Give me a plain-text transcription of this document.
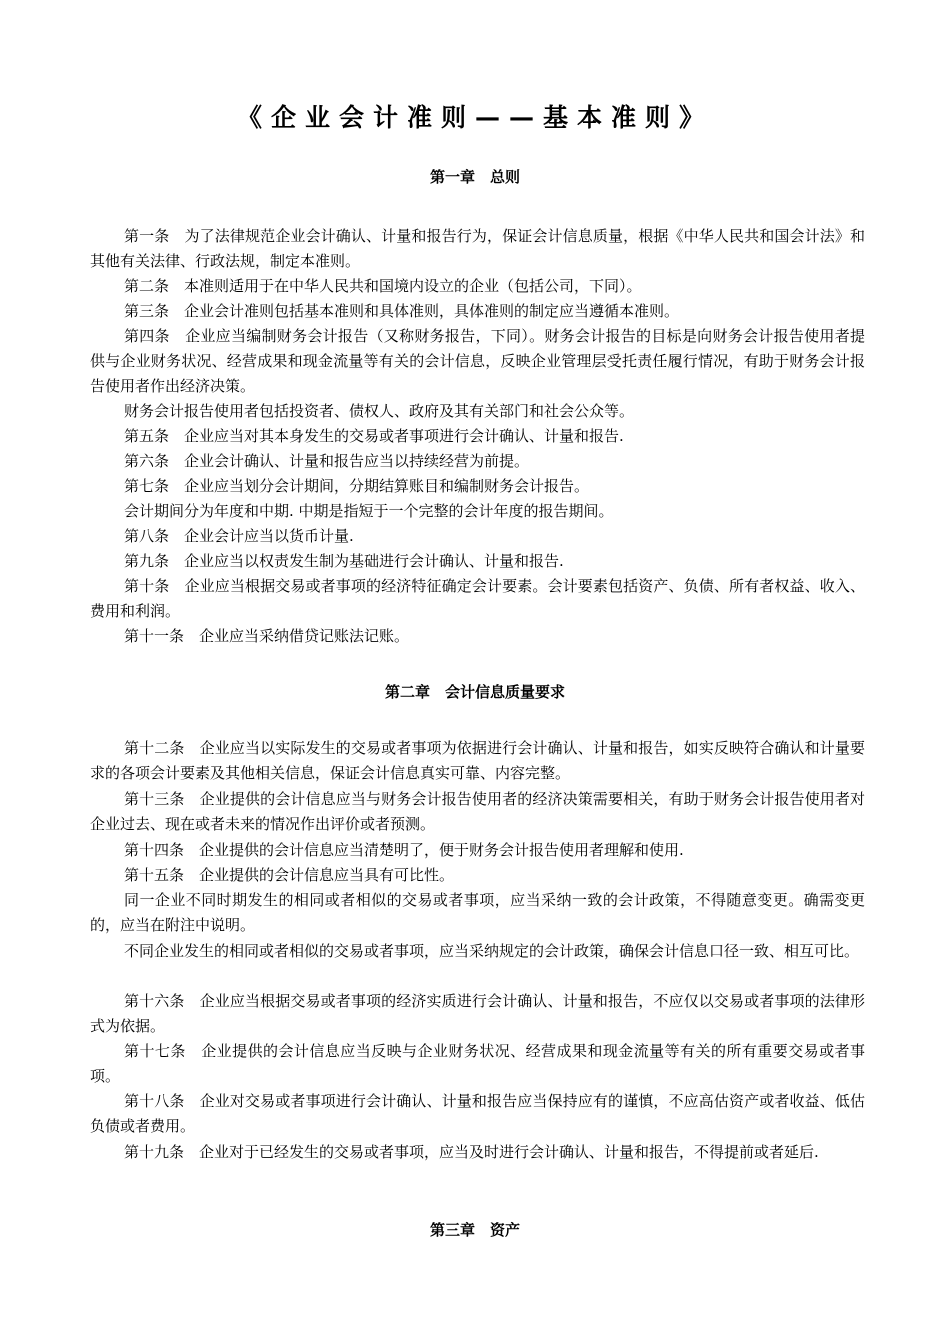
《企业会计准则——基本准则》
第一章　总则
第一条　为了法律规范企业会计确认、计量和报告行为，保证会计信息质量，根据《中华人民共和国会计法》和其他有关法律、行政法规，制定本准则。
第二条　本准则适用于在中华人民共和国境内设立的企业（包括公司，下同）。
第三条　企业会计准则包括基本准则和具体准则，具体准则的制定应当遵循本准则。
第四条　企业应当编制财务会计报告（又称财务报告，下同）。财务会计报告的目标是向财务会计报告使用者提供与企业财务状况、经营成果和现金流量等有关的会计信息，反映企业管理层受托责任履行情况，有助于财务会计报告使用者作出经济决策。
财务会计报告使用者包括投资者、债权人、政府及其有关部门和社会公众等。
第五条　企业应当对其本身发生的交易或者事项进行会计确认、计量和报告.
第六条　企业会计确认、计量和报告应当以持续经营为前提。
第七条　企业应当划分会计期间，分期结算账目和编制财务会计报告。
会计期间分为年度和中期. 中期是指短于一个完整的会计年度的报告期间。
第八条　企业会计应当以货币计量.
第九条　企业应当以权责发生制为基础进行会计确认、计量和报告.
第十条　企业应当根据交易或者事项的经济特征确定会计要素。会计要素包括资产、负债、所有者权益、收入、费用和利润。
第十一条　企业应当采纳借贷记账法记账。
第二章　会计信息质量要求
第十二条　企业应当以实际发生的交易或者事项为依据进行会计确认、计量和报告，如实反映符合确认和计量要求的各项会计要素及其他相关信息，保证会计信息真实可靠、内容完整。
第十三条　企业提供的会计信息应当与财务会计报告使用者的经济决策需要相关，有助于财务会计报告使用者对企业过去、现在或者未来的情况作出评价或者预测。
第十四条　企业提供的会计信息应当清楚明了，便于财务会计报告使用者理解和使用.
第十五条　企业提供的会计信息应当具有可比性。
同一企业不同时期发生的相同或者相似的交易或者事项，应当采纳一致的会计政策，不得随意变更。确需变更的，应当在附注中说明。
不同企业发生的相同或者相似的交易或者事项，应当采纳规定的会计政策，确保会计信息口径一致、相互可比。
第十六条　企业应当根据交易或者事项的经济实质进行会计确认、计量和报告，不应仅以交易或者事项的法律形式为依据。
第十七条　企业提供的会计信息应当反映与企业财务状况、经营成果和现金流量等有关的所有重要交易或者事项。
第十八条　企业对交易或者事项进行会计确认、计量和报告应当保持应有的谨慎，不应高估资产或者收益、低估负债或者费用。
第十九条　企业对于已经发生的交易或者事项，应当及时进行会计确认、计量和报告，不得提前或者延后.
第三章　资产
